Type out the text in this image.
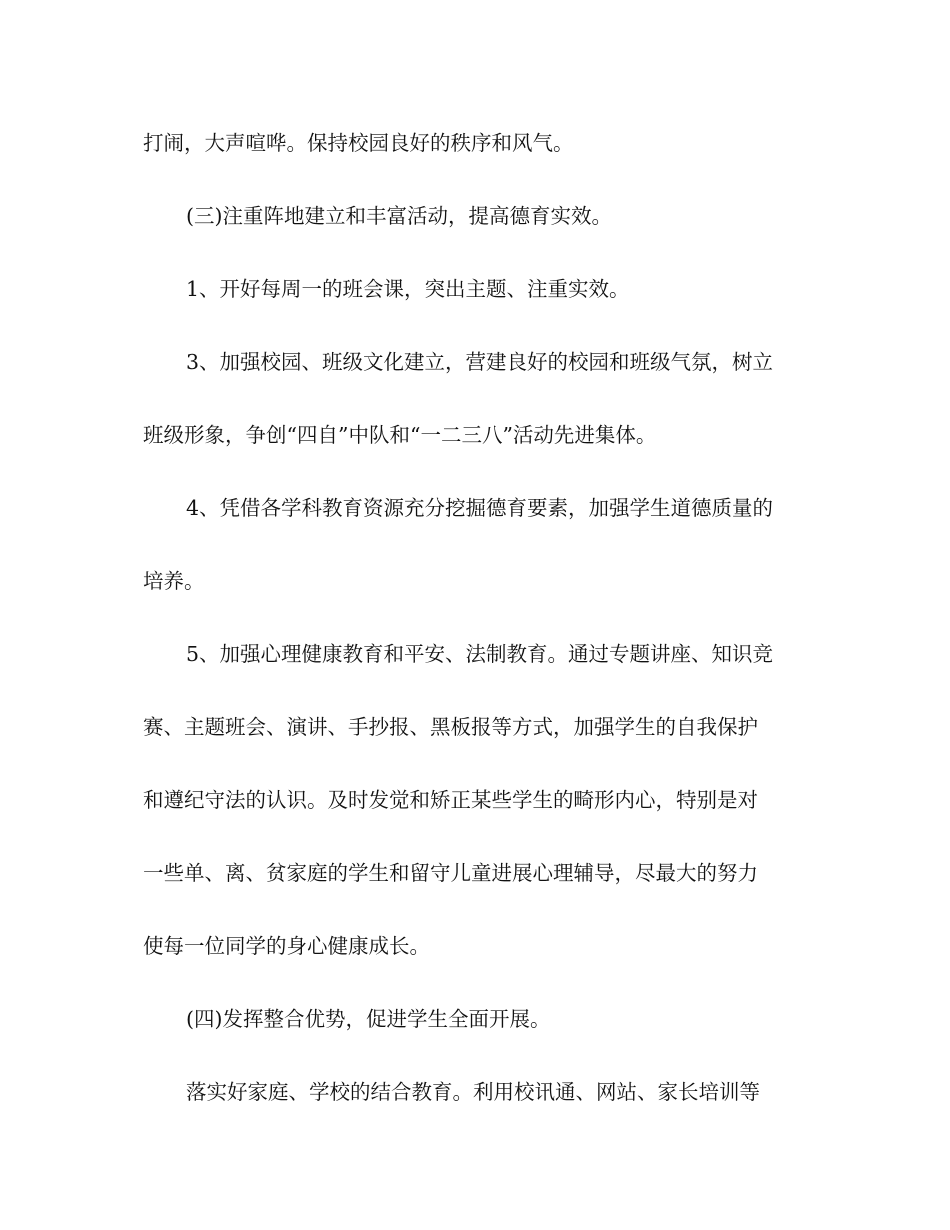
打闹，大声喧哗。保持校园良好的秩序和风气。
(三)注重阵地建立和丰富活动，提高德育实效。
1、开好每周一的班会课，突出主题、注重实效。
3、加强校园、班级文化建立，营建良好的校园和班级气氛，树立
班级形象，争创“四自”中队和“一二三八”活动先进集体。
4、凭借各学科教育资源充分挖掘德育要素，加强学生道德质量的
培养。
5、加强心理健康教育和平安、法制教育。通过专题讲座、知识竞
赛、主题班会、演讲、手抄报、黑板报等方式，加强学生的自我保护
和遵纪守法的认识。及时发觉和矫正某些学生的畸形内心，特别是对
一些单、离、贫家庭的学生和留守儿童进展心理辅导，尽最大的努力
使每一位同学的身心健康成长。
(四)发挥整合优势，促进学生全面开展。
落实好家庭、学校的结合教育。利用校讯通、网站、家长培训等
